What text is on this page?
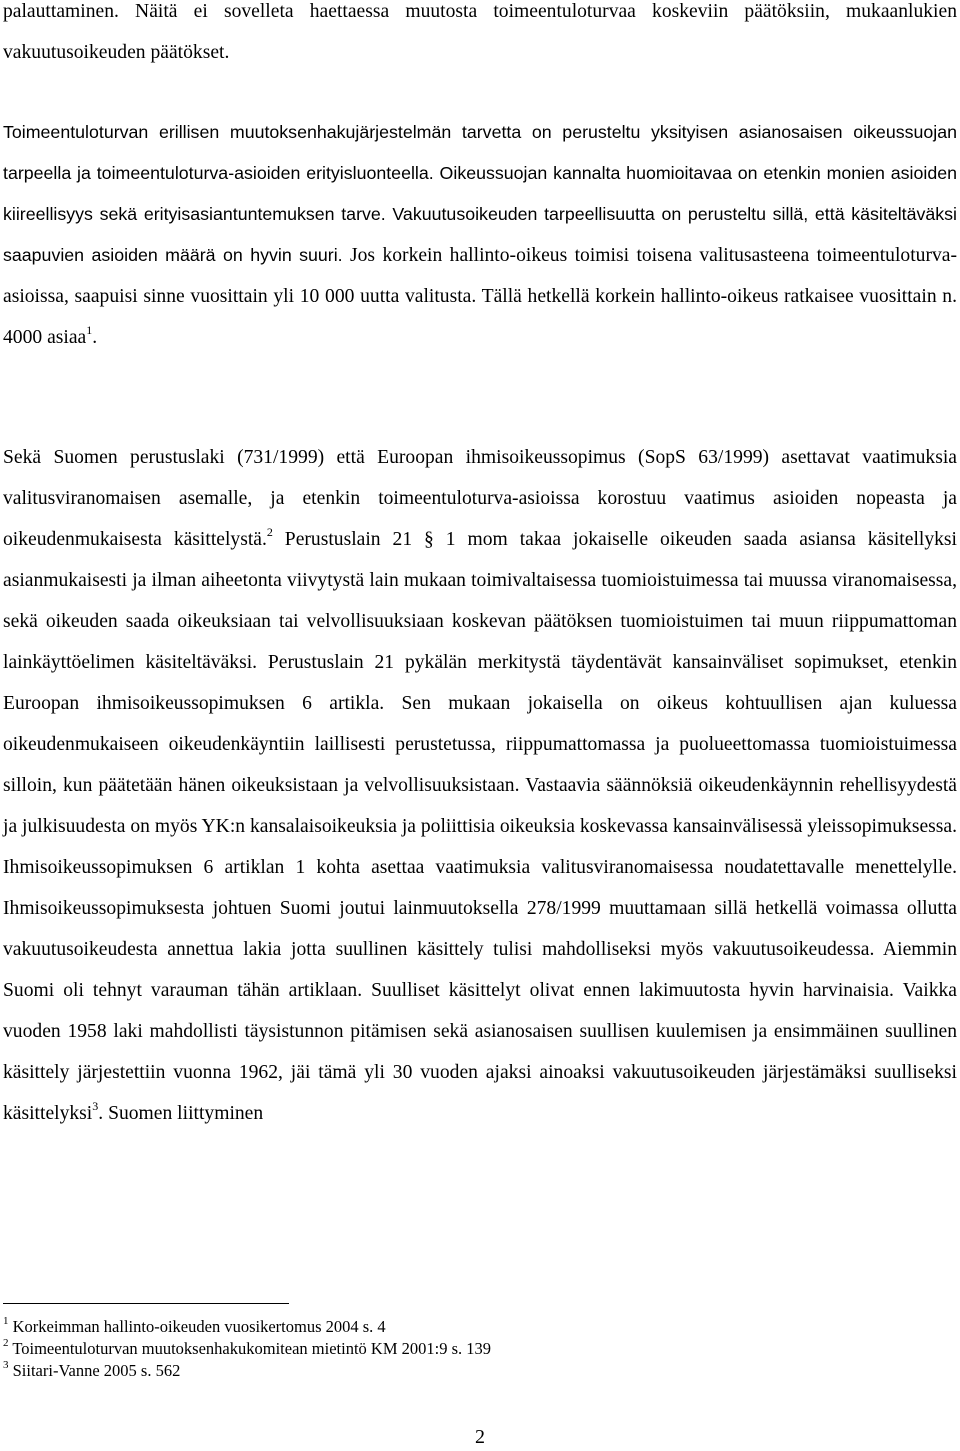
palauttaminen. Näitä ei sovelleta haettaessa muutosta toimeentuloturvaa koskeviin päätöksiin, mukaanlukien vakuutusoikeuden päätökset.

Toimeentuloturvan erillisen muutoksenhakujärjestelmän tarvetta on perusteltu yksityisen asianosaisen oikeussuojan tarpeella ja toimeentuloturva-asioiden erityisluonteella. Oikeussuojan kannalta huomioitavaa on etenkin monien asioiden kiireellisyys sekä erityisasiantuntemuksen tarve. Vakuutusoikeuden tarpeellisuutta on perusteltu sillä, että käsiteltäväksi saapuvien asioiden määrä on hyvin suuri. Jos korkein hallinto-oikeus toimisi toisena valitusasteena toimeentuloturva-asioissa, saapuisi sinne vuosittain yli 10 000 uutta valitusta. Tällä hetkellä korkein hallinto-oikeus ratkaisee vuosittain n. 4000 asiaa$^1$.

Sekä Suomen perustuslaki (731/1999) että Euroopan ihmisoikeussopimus (SopS 63/1999) asettavat vaatimuksia valitusviranomaisen asemalle, ja etenkin toimeentuloturva-asioissa korostuu vaatimus asioiden nopeasta ja oikeudenmukaisesta käsittelystä.$^2$ Perustuslain 21 § 1 mom takaa jokaiselle oikeuden saada asiansa käsitellyksi asianmukaisesti ja ilman aiheetonta viivytystä lain mukaan toimivaltaisessa tuomioistuimessa tai muussa viranomaisessa, sekä oikeuden saada oikeuksiaan tai velvollisuuksiaan koskevan päätöksen tuomioistuimen tai muun riippumattoman lainkäyttöelimen käsiteltäväksi. Perustuslain 21 pykälän merkitystä täydentävät kansainväliset sopimukset, etenkin Euroopan ihmisoikeussopimuksen 6 artikla. Sen mukaan jokaisella on oikeus kohtuullisen ajan kuluessa oikeudenmukaiseen oikeudenkäyntiin laillisesti perustetussa, riippumattomassa ja puolueettomassa tuomioistuimessa silloin, kun päätetään hänen oikeuksistaan ja velvollisuuksistaan. Vastaavia säännöksiä oikeudenkäynnin rehellisyydestä ja julkisuudesta on myös YK:n kansalaisoikeuksia ja poliittisia oikeuksia koskevassa kansainvälisessä yleissopimuksessa. Ihmisoikeussopimuksen 6 artiklan 1 kohta asettaa vaatimuksia valitusviranomaisessa noudatettavalle menettelylle. Ihmisoikeussopimuksesta johtuen Suomi joutui lainmuutoksella 278/1999 muuttamaan sillä hetkellä voimassa ollutta vakuutusoikeudesta annettua lakia jotta suullinen käsittely tulisi mahdolliseksi myös vakuutusoikeudessa. Aiemmin Suomi oli tehnyt varauman tähän artiklaan. Suulliset käsittelyt olivat ennen lakimuutosta hyvin harvinaisia. Vaikka vuoden 1958 laki mahdollisti täysistunnon pitämisen sekä asianosaisen suullisen kuulemisen ja ensimmäinen suullinen käsittely järjestettiin vuonna 1962, jäi tämä yli 30 vuoden ajaksi ainoaksi vakuutusoikeuden järjestämäksi suulliseksi käsittelyksi$^3$. Suomen liittyminen

$^1$ Korkeimman hallinto-oikeuden vuosikertomus 2004 s. 4
$^2$ Toimeentuloturvan muutoksenhakukomitean mietintö KM 2001:9 s. 139
$^3$ Siitari-Vanne 2005 s. 562
2
